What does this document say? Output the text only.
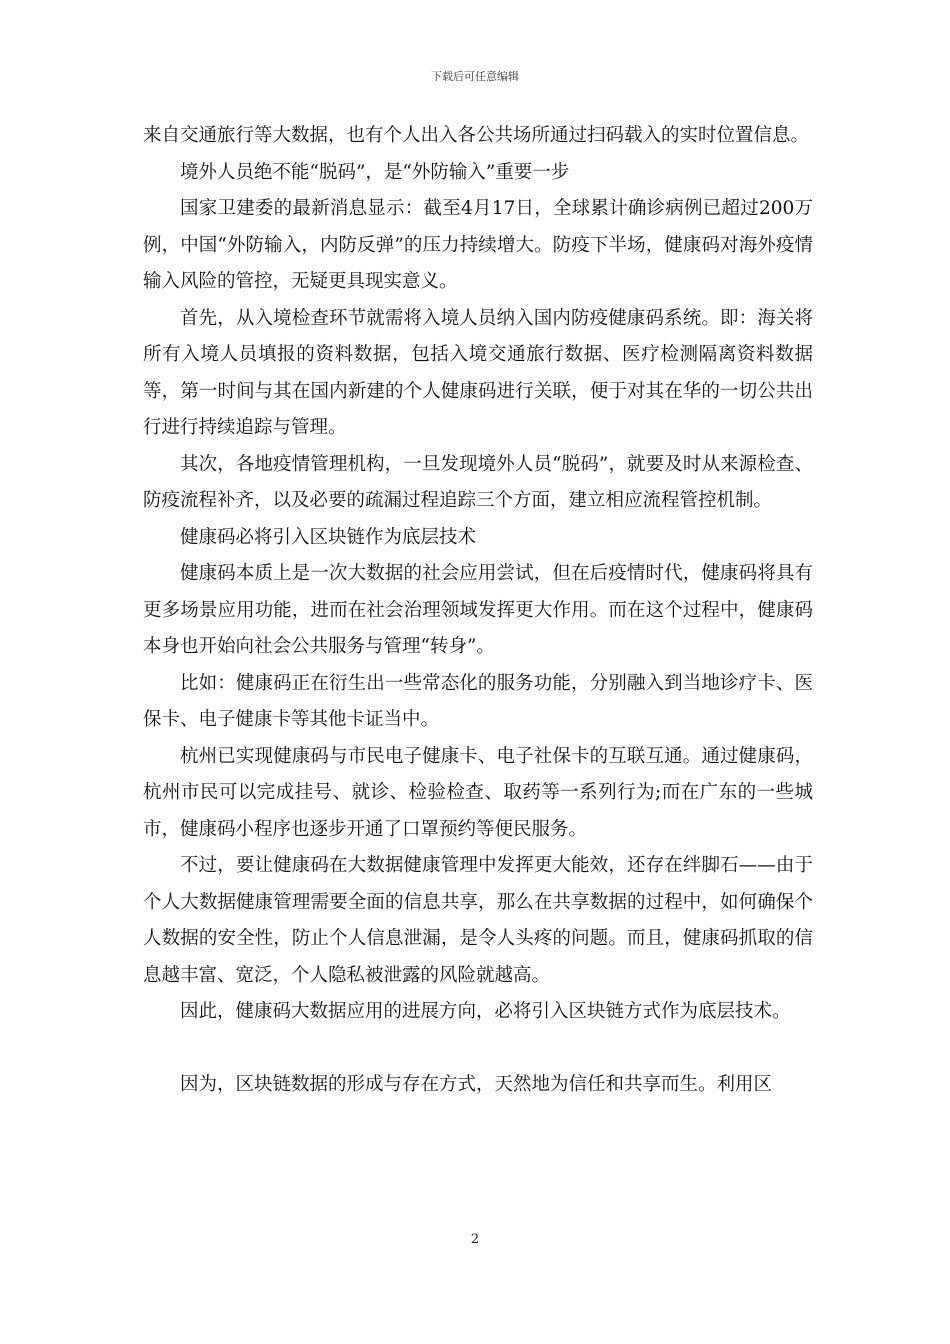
下载后可任意编辑

来自交通旅行等大数据，也有个人出入各公共场所通过扫码载入的实时位置信息。

境外人员绝不能“脱码”，是“外防输入”重要一步

国家卫建委的最新消息显示：截至4月17日，全球累计确诊病例已超过200万例，中国“外防输入，内防反弹”的压力持续增大。防疫下半场，健康码对海外疫情输入风险的管控，无疑更具现实意义。

首先，从入境检查环节就需将入境人员纳入国内防疫健康码系统。即：海关将所有入境人员填报的资料数据，包括入境交通旅行数据、医疗检测隔离资料数据等，第一时间与其在国内新建的个人健康码进行关联，便于对其在华的一切公共出行进行持续追踪与管理。

其次，各地疫情管理机构，一旦发现境外人员“脱码”，就要及时从来源检查、防疫流程补齐，以及必要的疏漏过程追踪三个方面，建立相应流程管控机制。

健康码必将引入区块链作为底层技术

健康码本质上是一次大数据的社会应用尝试，但在后疫情时代，健康码将具有更多场景应用功能，进而在社会治理领域发挥更大作用。而在这个过程中，健康码本身也开始向社会公共服务与管理“转身”。

比如：健康码正在衍生出一些常态化的服务功能，分别融入到当地诊疗卡、医保卡、电子健康卡等其他卡证当中。

杭州已实现健康码与市民电子健康卡、电子社保卡的互联互通。通过健康码，杭州市民可以完成挂号、就诊、检验检查、取药等一系列行为;而在广东的一些城市，健康码小程序也逐步开通了口罩预约等便民服务。

不过，要让健康码在大数据健康管理中发挥更大能效，还存在绊脚石——由于个人大数据健康管理需要全面的信息共享，那么在共享数据的过程中，如何确保个人数据的安全性，防止个人信息泄漏，是令人头疼的问题。而且，健康码抓取的信息越丰富、宽泛，个人隐私被泄露的风险就越高。

因此，健康码大数据应用的进展方向，必将引入区块链方式作为底层技术。

因为，区块链数据的形成与存在方式，天然地为信任和共享而生。利用区

2
